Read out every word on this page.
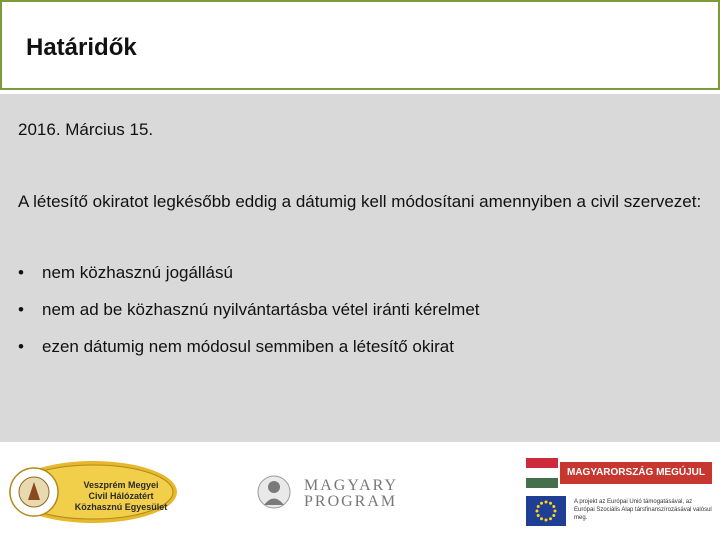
Határidők
2016. Március 15.
A létesítő okiratot legkésőbb eddig a dátumig kell módosítani amennyiben a civil szervezet:
• nem közhasznú jogállású
• nem ad be közhasznú nyilvántartásba vétel iránti kérelmet
• ezen dátumig nem módosul semmiben a létesítő okirat
Veszprém Megyei
Civil Hálózatért
Közhasznú Egyesület
MAGYARY
PROGRAM
MAGYARORSZÁG MEGÚJUL
A projekt az Európai Unió támogatásával, az Európai Szociális Alap társfinanszírozásával valósul meg.
